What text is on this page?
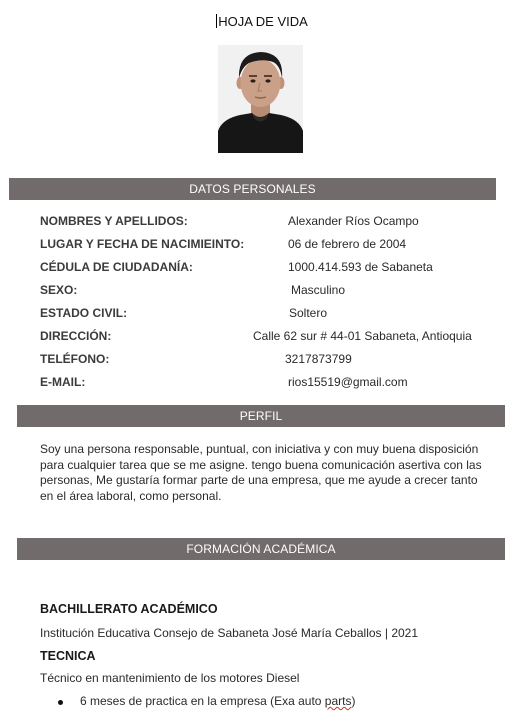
HOJA DE VIDA
DATOS PERSONALES
NOMBRES Y APELLIDOS:	Alexander Ríos Ocampo
LUGAR Y FECHA DE NACIMIEINTO:	06 de febrero de 2004
CÉDULA DE CIUDADANÍA:	1000.414.593 de Sabaneta
SEXO:	Masculino
ESTADO CIVIL:	Soltero
DIRECCIÓN:	Calle 62 sur # 44-01 Sabaneta, Antioquia
TELÉFONO:	3217873799
E-MAIL:	rios15519@gmail.com
PERFIL

Soy una persona responsable, puntual, con iniciativa y con muy buena disposición para cualquier tarea que se me asigne. tengo buena comunicación asertiva con las personas, Me gustaría formar parte de una empresa, que me ayude a crecer tanto en el área laboral, como personal.

FORMACIÓN ACADÉMICA
BACHILLERATO ACADÉMICO
Institución Educativa Consejo de Sabaneta José María Ceballos | 2021
TECNICA
Técnico en mantenimiento de los motores Diesel
6 meses de practica en la empresa (Exa auto parts)
